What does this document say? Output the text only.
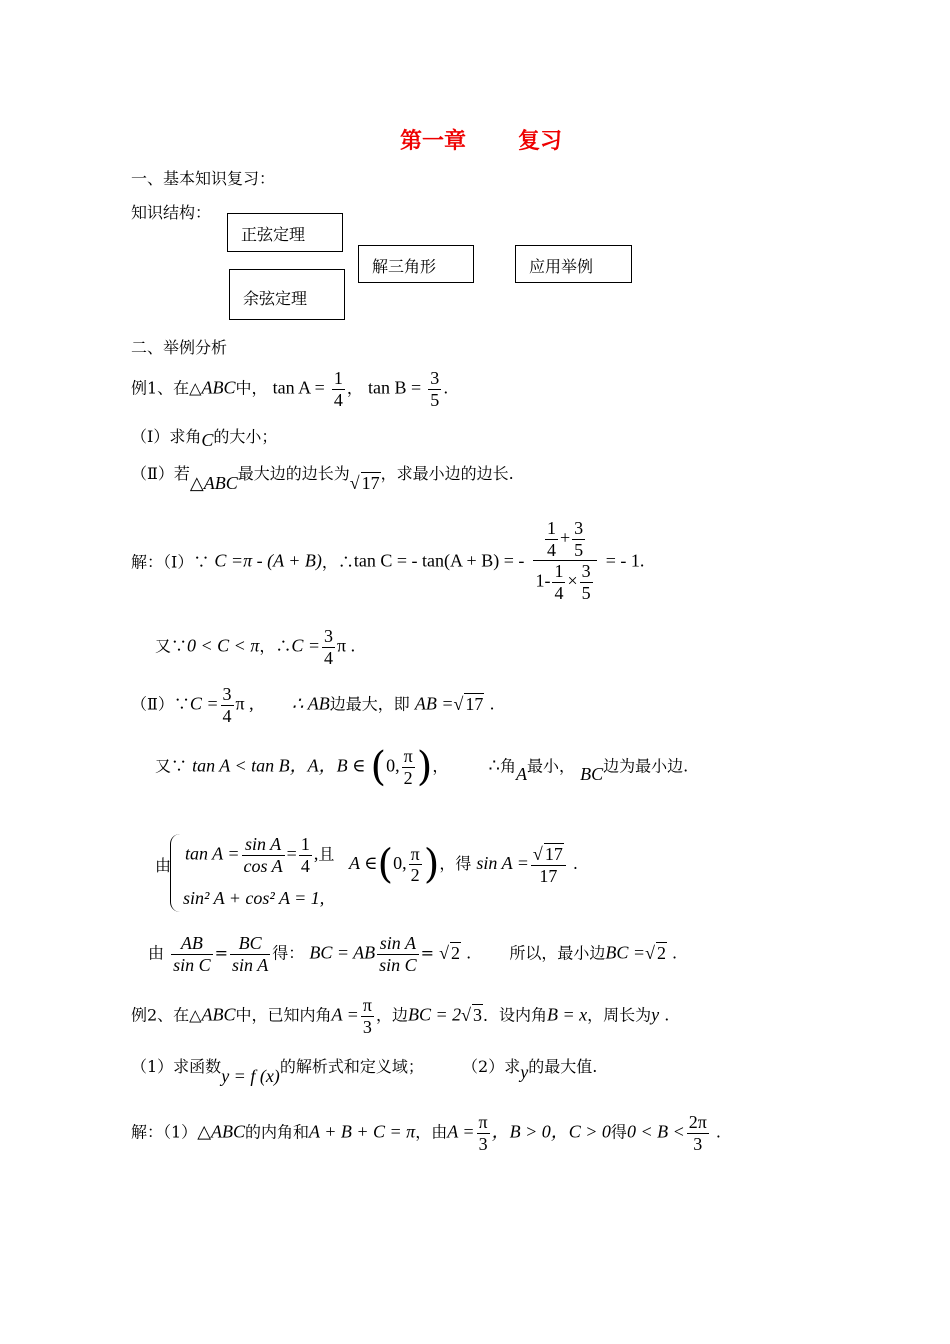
第一章 复习
一、基本知识复习：
知识结构：
正弦定理
余弦定理
解三角形	应用举例
二、举例分析
例1、在△ABC中， $\tan A = \frac{1}{4}$ ， $\tan B = \frac{3}{5}$ .
（Ⅰ）求角C的大小；
（Ⅱ）若△ABC最大边的边长为√ 17，求最小边的边长.
解：（Ⅰ）∵ C =π - (A + B)，∴tan C = - tan(A + B) = - $\frac{\frac{1}{4} + \frac{3}{5}}{1- \frac{1}{4} \times \frac{3}{5}}$ = - 1.
又∵0 < C < π，∴C = $\frac{3}{4}$ π .
（Ⅱ）∵C = $\frac{3}{4}$ π , ∴ AB边最大，即 AB =√ 17 .
又∵ tan A < tan B，A，B ∈ (0, $\frac{\pi}{2}$ )， ∴角A最小， BC边为最小边.
由
$\tan A = \frac{\text{sin A}}{\text{cos A}} = \frac{1}{4}$ ,且
sin² A + cos² A = 1,
A ∈(0, $\frac{\pi}{2}$ )，得 $\sin A = \frac{√ 17}{17}$ .
由 $\frac{AB}{\text{sin C}} = \frac{BC}{\text{sin A}}$ 得： BC = AB $\frac{\text{sin A}}{\text{sin C}}$ = √ 2 .  所以，最小边BC =√ 2 .
例2、在△ABC中，已知内角$A = \frac{\pi}{3}$ ，边BC = 2√ 3．设内角B = x，周长为y .
（1）求函数y = f (x)的解析式和定义域； （2）求y的最大值.
解：（1）△ABC的内角和A + B + C = π，由$A = \frac{\pi}{3}$ ，B > 0，C > 0得$0 < B < \frac{2\pi}{3}$ .
